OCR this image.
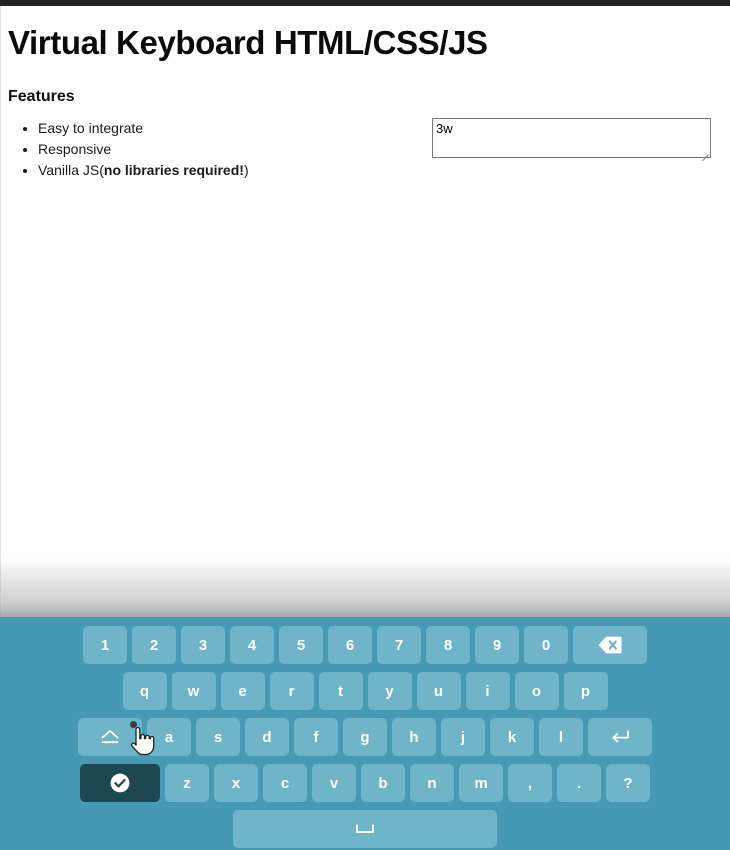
Virtual Keyboard HTML/CSS/JS
Features
• Easy to integrate
• Responsive
• Vanilla JS(no libraries required!)
3w
1	2	3	4	5	6	7	8	9	0
q	w	e	r	t	y	u	i	o	p
a	s	d	f	g	h	j	k	l
z	x	c	v	b	n	m	,	.	?
